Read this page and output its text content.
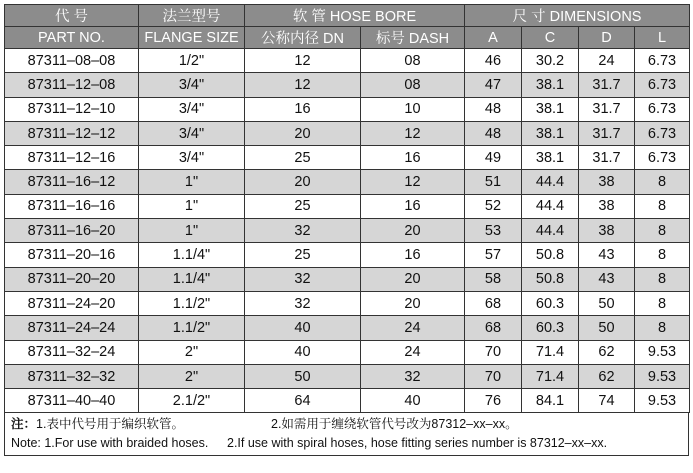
代 号	法兰型号	软 管 HOSE BORE		尺 寸 DIMENSIONS			
PART NO.	FLANGE SIZE	公称内径 DN	标号 DASH	A	C	D	L
87311–08–08	1/2"	12	08	46	30.2	24	6.73
87311–12–08	3/4"	12	08	47	38.1	31.7	6.73
87311–12–10	3/4"	16	10	48	38.1	31.7	6.73
87311–12–12	3/4"	20	12	48	38.1	31.7	6.73
87311–12–16	3/4"	25	16	49	38.1	31.7	6.73
87311–16–12	1"	20	12	51	44.4	38	8
87311–16–16	1"	25	16	52	44.4	38	8
87311–16–20	1"	32	20	53	44.4	38	8
87311–20–16	1.1/4"	25	16	57	50.8	43	8
87311–20–20	1.1/4"	32	20	58	50.8	43	8
87311–24–20	1.1/2"	32	20	68	60.3	50	8
87311–24–24	1.1/2"	40	24	68	60.3	50	8
87311–32–24	2"	40	24	70	71.4	62	9.53
87311–32–32	2"	50	32	70	71.4	62	9.53
87311–40–40	2.1/2"	64	40	76	84.1	74	9.53
注：1.表中代号用于编织软管。	2.如需用于缠绕软管代号改为87312–xx–xx。
Note: 1.For use with braided hoses.	2.If use with spiral hoses, hose fitting series number is 87312–xx–xx.
